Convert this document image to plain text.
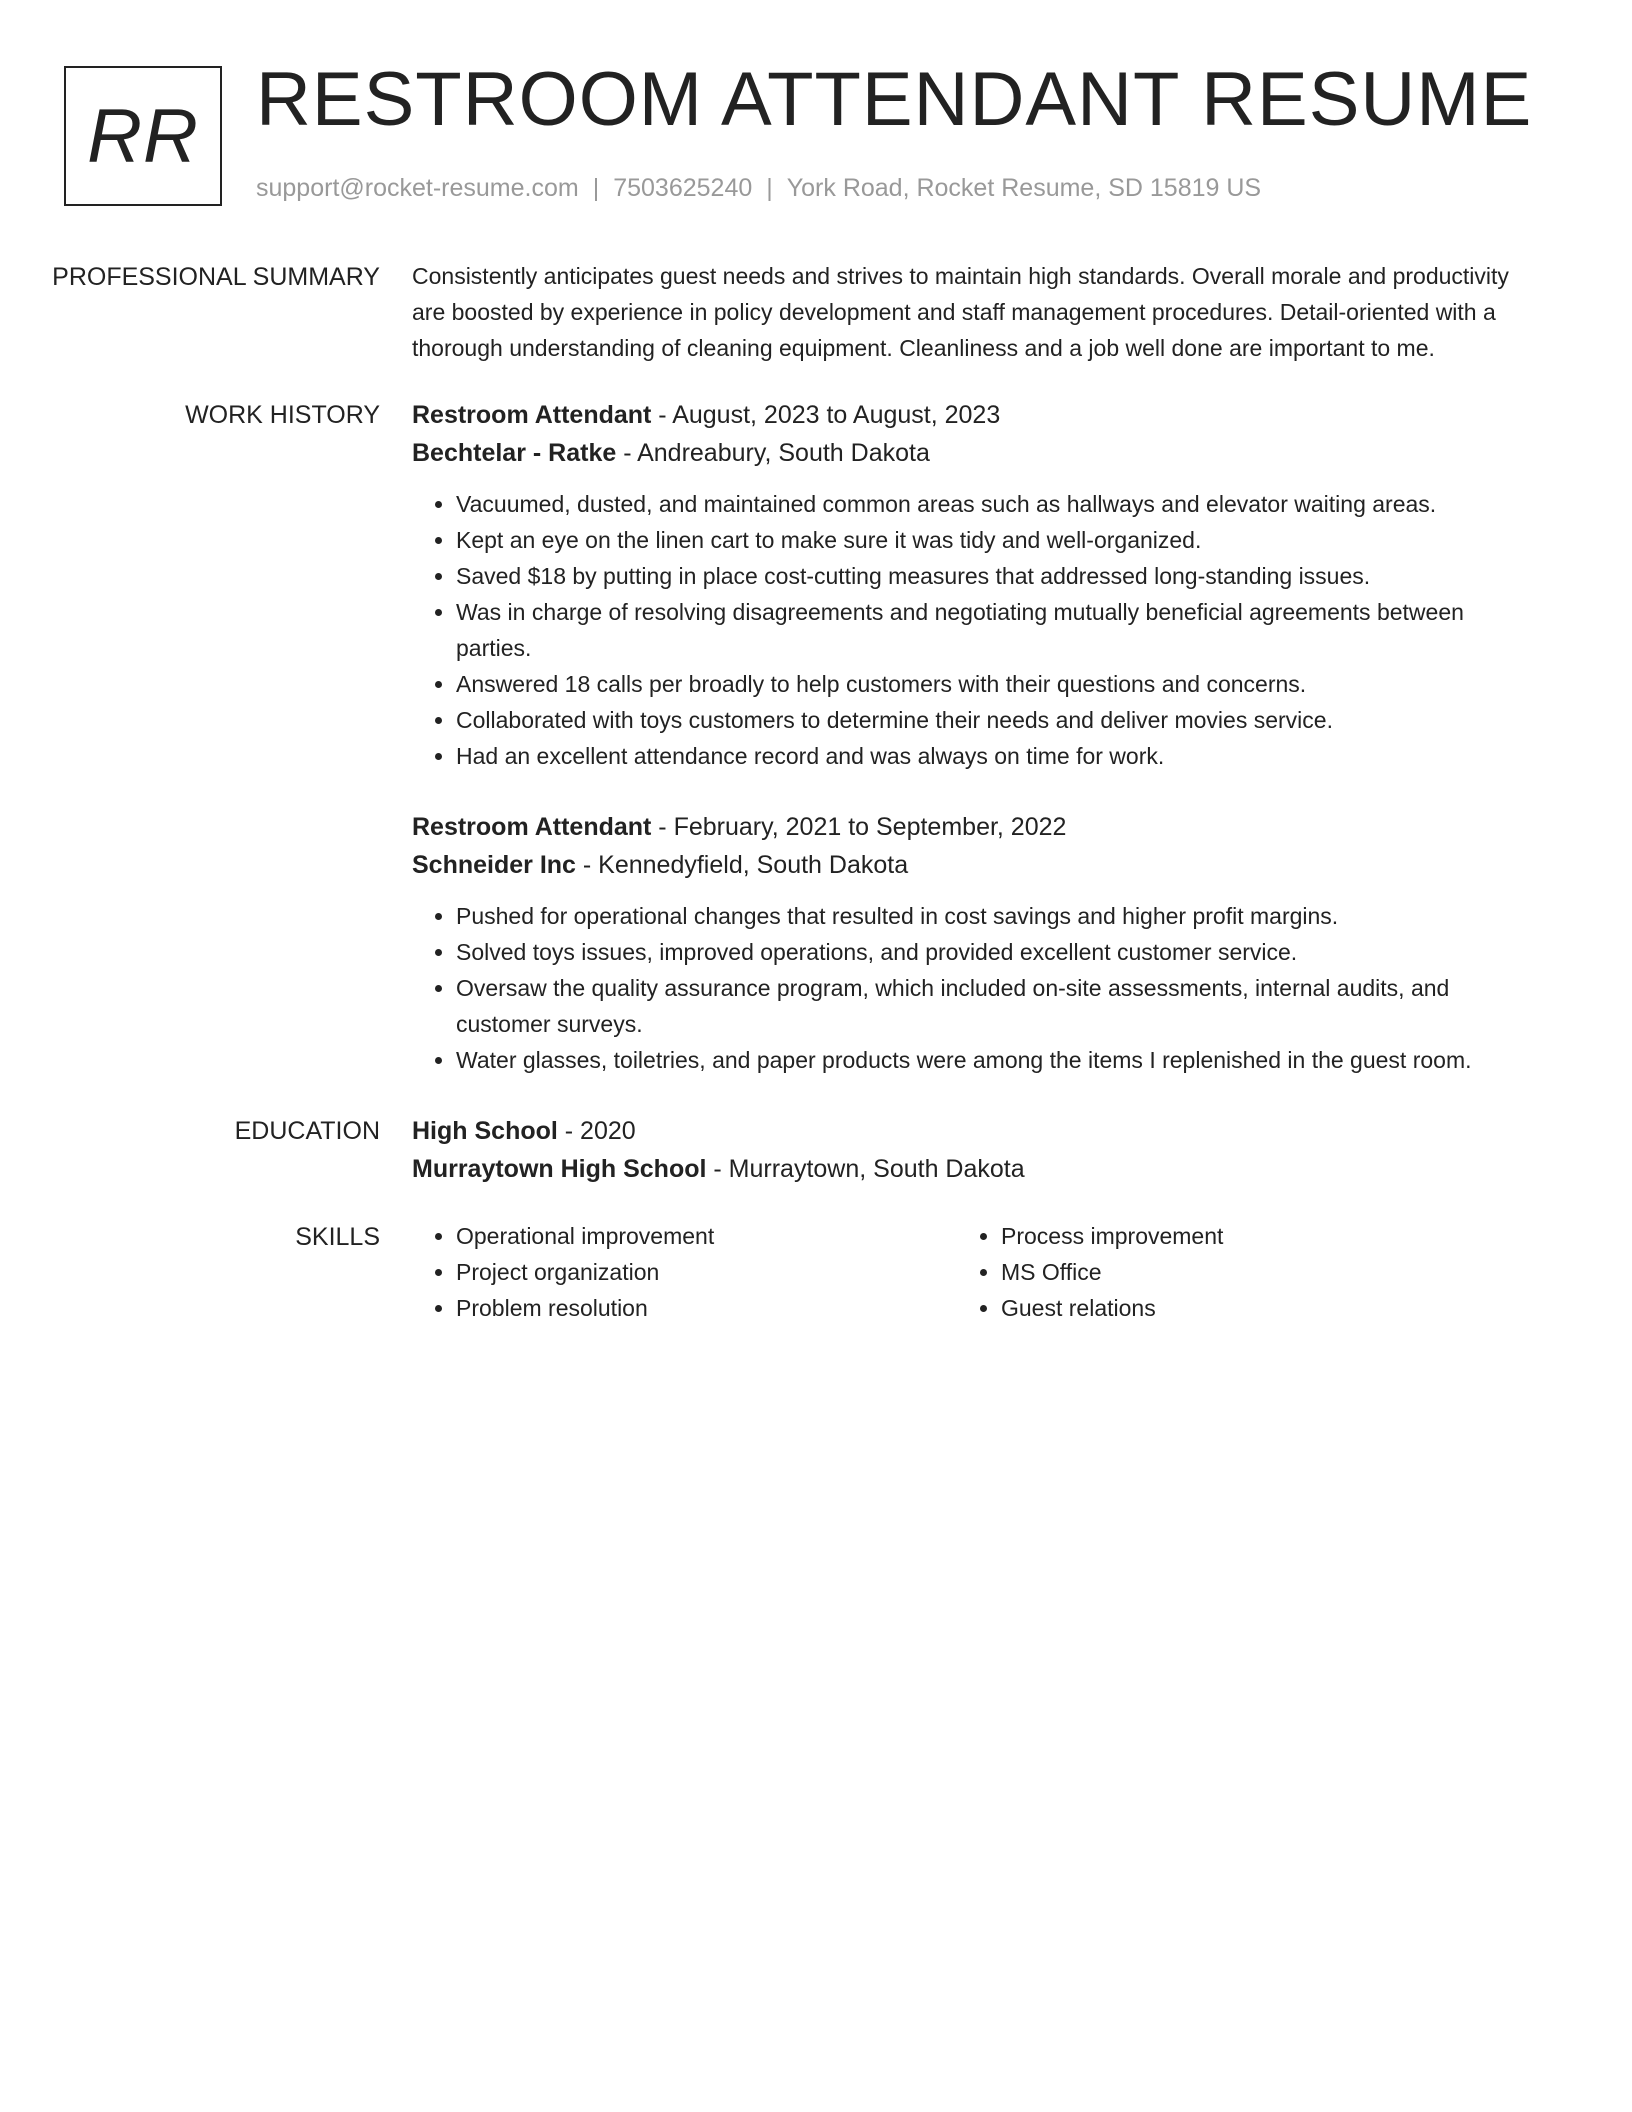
RR RESTROOM ATTENDANT RESUME
support@rocket-resume.com | 7503625240 | York Road, Rocket Resume, SD 15819 US
PROFESSIONAL SUMMARY	Consistently anticipates guest needs and strives to maintain high standards. Overall morale and productivity are boosted by experience in policy development and staff management procedures. Detail-oriented with a thorough understanding of cleaning equipment. Cleanliness and a job well done are important to me.

WORK HISTORY	Restroom Attendant - August, 2023 to August, 2023
Bechtelar - Ratke - Andreabury, South Dakota
• Vacuumed, dusted, and maintained common areas such as hallways and elevator waiting areas.
• Kept an eye on the linen cart to make sure it was tidy and well-organized.
• Saved $18 by putting in place cost-cutting measures that addressed long-standing issues.
• Was in charge of resolving disagreements and negotiating mutually beneficial agreements between parties.
• Answered 18 calls per broadly to help customers with their questions and concerns.
• Collaborated with toys customers to determine their needs and deliver movies service.
• Had an excellent attendance record and was always on time for work.
Restroom Attendant - February, 2021 to September, 2022
Schneider Inc - Kennedyfield, South Dakota
• Pushed for operational changes that resulted in cost savings and higher profit margins.
• Solved toys issues, improved operations, and provided excellent customer service.
• Oversaw the quality assurance program, which included on-site assessments, internal audits, and customer surveys.
• Water glasses, toiletries, and paper products were among the items I replenished in the guest room.
EDUCATION	High School - 2020
Murraytown High School - Murraytown, South Dakota
SKILLS
•	Operational improvement
• Project organization
• Problem resolution
• Process improvement
• MS Office
• Guest relations
